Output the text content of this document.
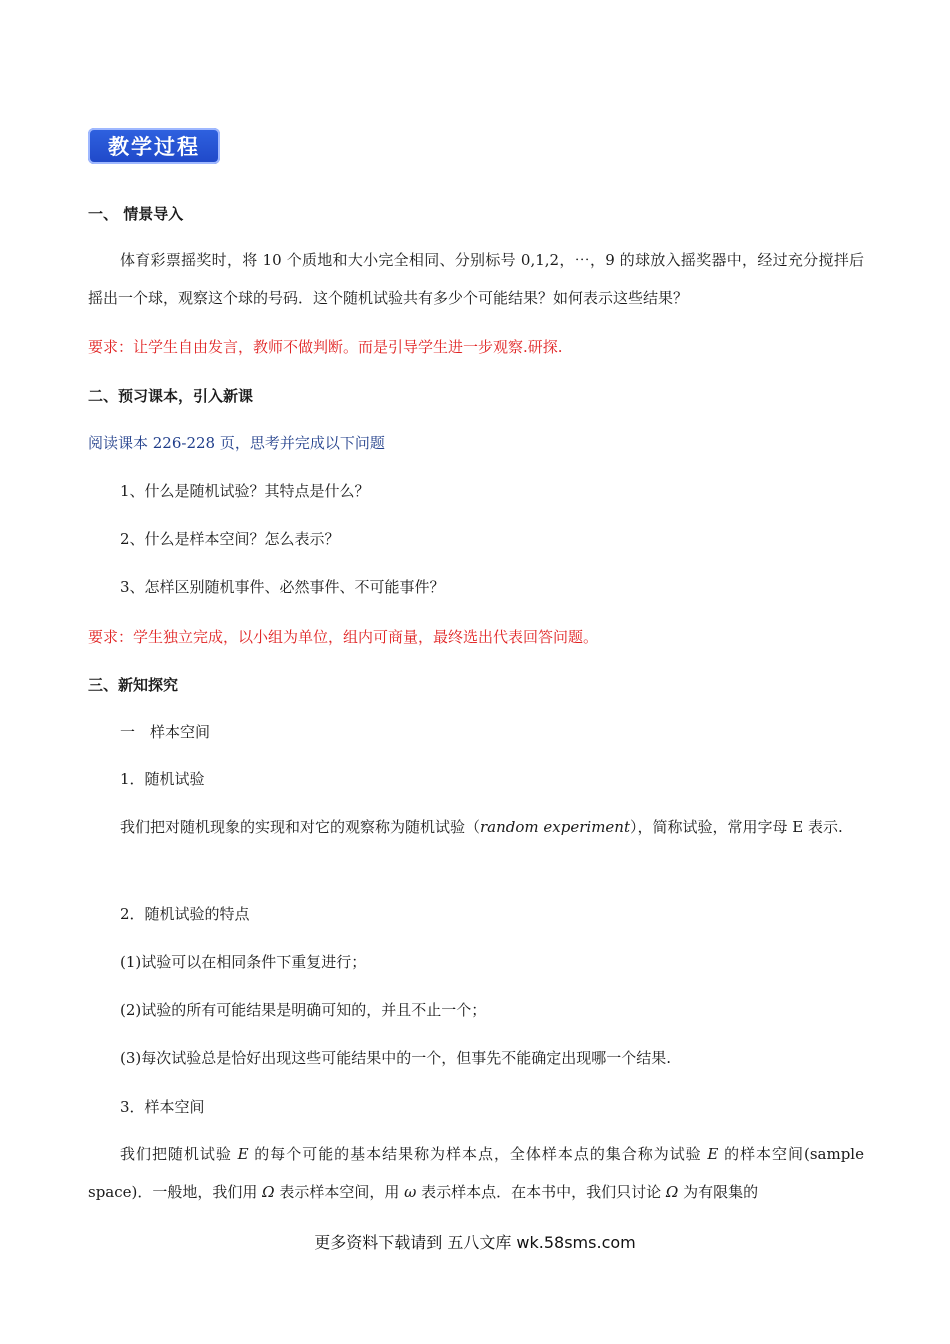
教学过程
一、 情景导入
体育彩票摇奖时，将 10 个质地和大小完全相同、分别标号 0,1,2，⋯，9 的球放入摇奖器中，经过充分搅拌后摇出一个球，观察这个球的号码．这个随机试验共有多少个可能结果？如何表示这些结果？
要求：让学生自由发言，教师不做判断。而是引导学生进一步观察.研探.
二、预习课本，引入新课
阅读课本 226-228 页，思考并完成以下问题
1、什么是随机试验？其特点是什么？
2、什么是样本空间？怎么表示？
3、怎样区别随机事件、必然事件、不可能事件？
要求：学生独立完成，以小组为单位，组内可商量，最终选出代表回答问题。
三、新知探究
一　样本空间
1．随机试验
我们把对随机现象的实现和对它的观察称为随机试验（random experiment），简称试验，常用字母 E 表示.
2．随机试验的特点
(1)试验可以在相同条件下重复进行；
(2)试验的所有可能结果是明确可知的，并且不止一个；
(3)每次试验总是恰好出现这些可能结果中的一个，但事先不能确定出现哪一个结果.
3．样本空间
我们把随机试验 E 的每个可能的基本结果称为样本点，全体样本点的集合称为试验 E 的样本空间(sample space)．一般地，我们用 Ω 表示样本空间，用 ω 表示样本点．在本书中，我们只讨论 Ω 为有限集的
更多资料下载请到 五八文库 wk.58sms.com
